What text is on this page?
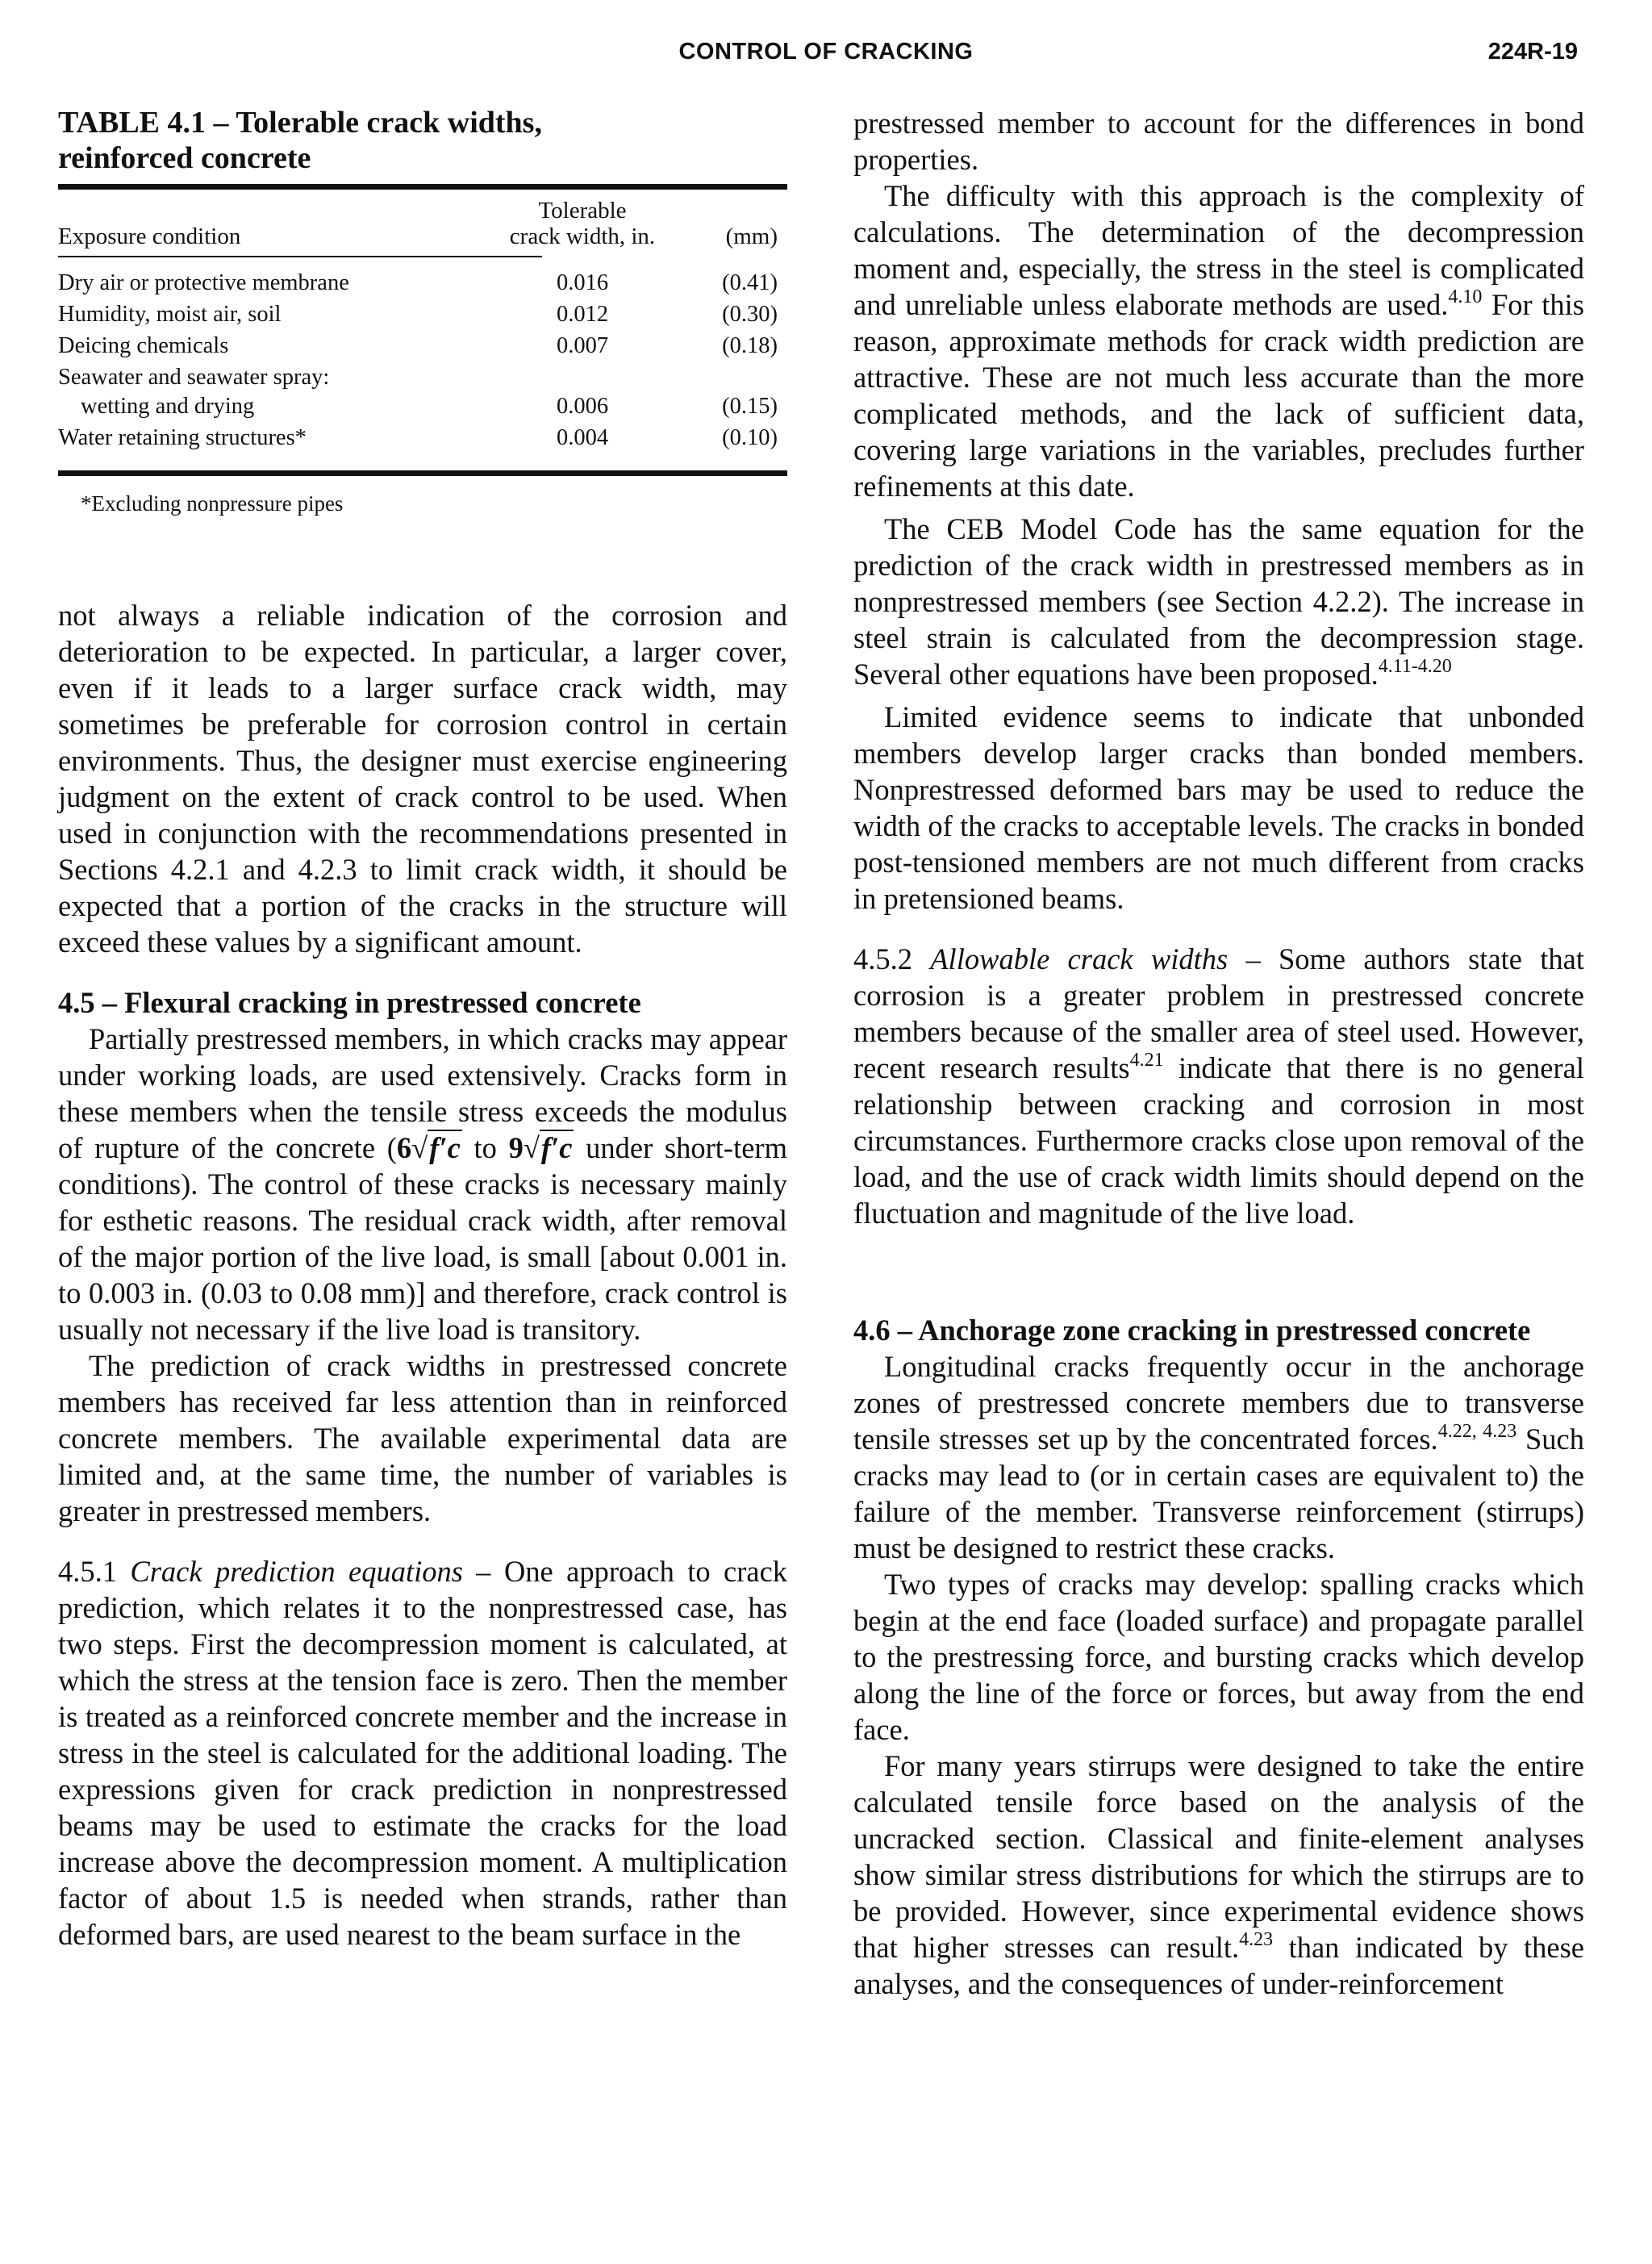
CONTROL OF CRACKING	224R-19
TABLE 4.1 – Tolerable crack widths,
reinforced concrete
Exposure condition
Tolerable
crack width, in.	(mm)
Dry air or protective membrane	0.016	(0.41)
Humidity, moist air, soil	0.012	(0.30)
Deicing chemicals	0.007	(0.18)
Seawater and seawater spray:
wetting and drying	0.006	(0.15)
Water retaining structures*	0.004	(0.10)
*Excluding nonpressure pipes

not always a reliable indication of the corrosion and deterioration to be expected. In particular, a larger cover, even if it leads to a larger surface crack width, may sometimes be preferable for corrosion control in certain environments. Thus, the designer must exercise engineering judgment on the extent of crack control to be used. When used in conjunction with the recommendations presented in Sections 4.2.1 and 4.2.3 to limit crack width, it should be expected that a portion of the cracks in the structure will exceed these values by a significant amount.

4.5 – Flexural cracking in prestressed concrete

Partially prestressed members, in which cracks may appear under working loads, are used extensively. Cracks form in these members when the tensile stress exceeds the modulus of rupture of the concrete (6√f′c to 9√f′c under short-term conditions). The control of these cracks is necessary mainly for esthetic reasons. The residual crack width, after removal of the major portion of the live load, is small [about 0.001 in. to 0.003 in. (0.03 to 0.08 mm)] and therefore, crack control is usually not necessary if the live load is transitory.

The prediction of crack widths in prestressed concrete members has received far less attention than in reinforced concrete members. The available experimental data are limited and, at the same time, the number of variables is greater in prestressed members.

4.5.1 Crack prediction equations – One approach to crack prediction, which relates it to the nonprestressed case, has two steps. First the decompression moment is calculated, at which the stress at the tension face is zero. Then the member is treated as a reinforced concrete member and the increase in stress in the steel is calculated for the additional loading. The expressions given for crack prediction in nonprestressed beams may be used to estimate the cracks for the load increase above the decompression moment. A multiplication factor of about 1.5 is needed when strands, rather than deformed bars, are used nearest to the beam surface in the

prestressed member to account for the differences in bond properties.

The difficulty with this approach is the complexity of calculations. The determination of the decompression moment and, especially, the stress in the steel is complicated and unreliable unless elaborate methods are used.$^{4.10}$ For this reason, approximate methods for crack width prediction are attractive. These are not much less accurate than the more complicated methods, and the lack of sufficient data, covering large variations in the variables, precludes further refinements at this date.

The CEB Model Code has the same equation for the prediction of the crack width in prestressed members as in nonprestressed members (see Section 4.2.2). The increase in steel strain is calculated from the decompression stage. Several other equations have been proposed.$^{4.11-4.20}$

Limited evidence seems to indicate that unbonded members develop larger cracks than bonded members. Nonprestressed deformed bars may be used to reduce the width of the cracks to acceptable levels. The cracks in bonded post-tensioned members are not much different from cracks in pretensioned beams.

4.5.2 Allowable crack widths – Some authors state that corrosion is a greater problem in prestressed concrete members because of the smaller area of steel used. However, recent research results$^{4.21}$ indicate that there is no general relationship between cracking and corrosion in most circumstances. Furthermore cracks close upon removal of the load, and the use of crack width limits should depend on the fluctuation and magnitude of the live load.

4.6 – Anchorage zone cracking in prestressed concrete

Longitudinal cracks frequently occur in the anchorage zones of prestressed concrete members due to transverse tensile stresses set up by the concentrated forces.$^{4.22, 4.23}$ Such cracks may lead to (or in certain cases are equivalent to) the failure of the member. Transverse reinforcement (stirrups) must be designed to restrict these cracks.

Two types of cracks may develop: spalling cracks which begin at the end face (loaded surface) and propagate parallel to the prestressing force, and bursting cracks which develop along the line of the force or forces, but away from the end face.

For many years stirrups were designed to take the entire calculated tensile force based on the analysis of the uncracked section. Classical and finite-element analyses show similar stress distributions for which the stirrups are to be provided. However, since experimental evidence shows that higher stresses can result.$^{4.23}$ than indicated by these analyses, and the consequences of under-reinforcement
